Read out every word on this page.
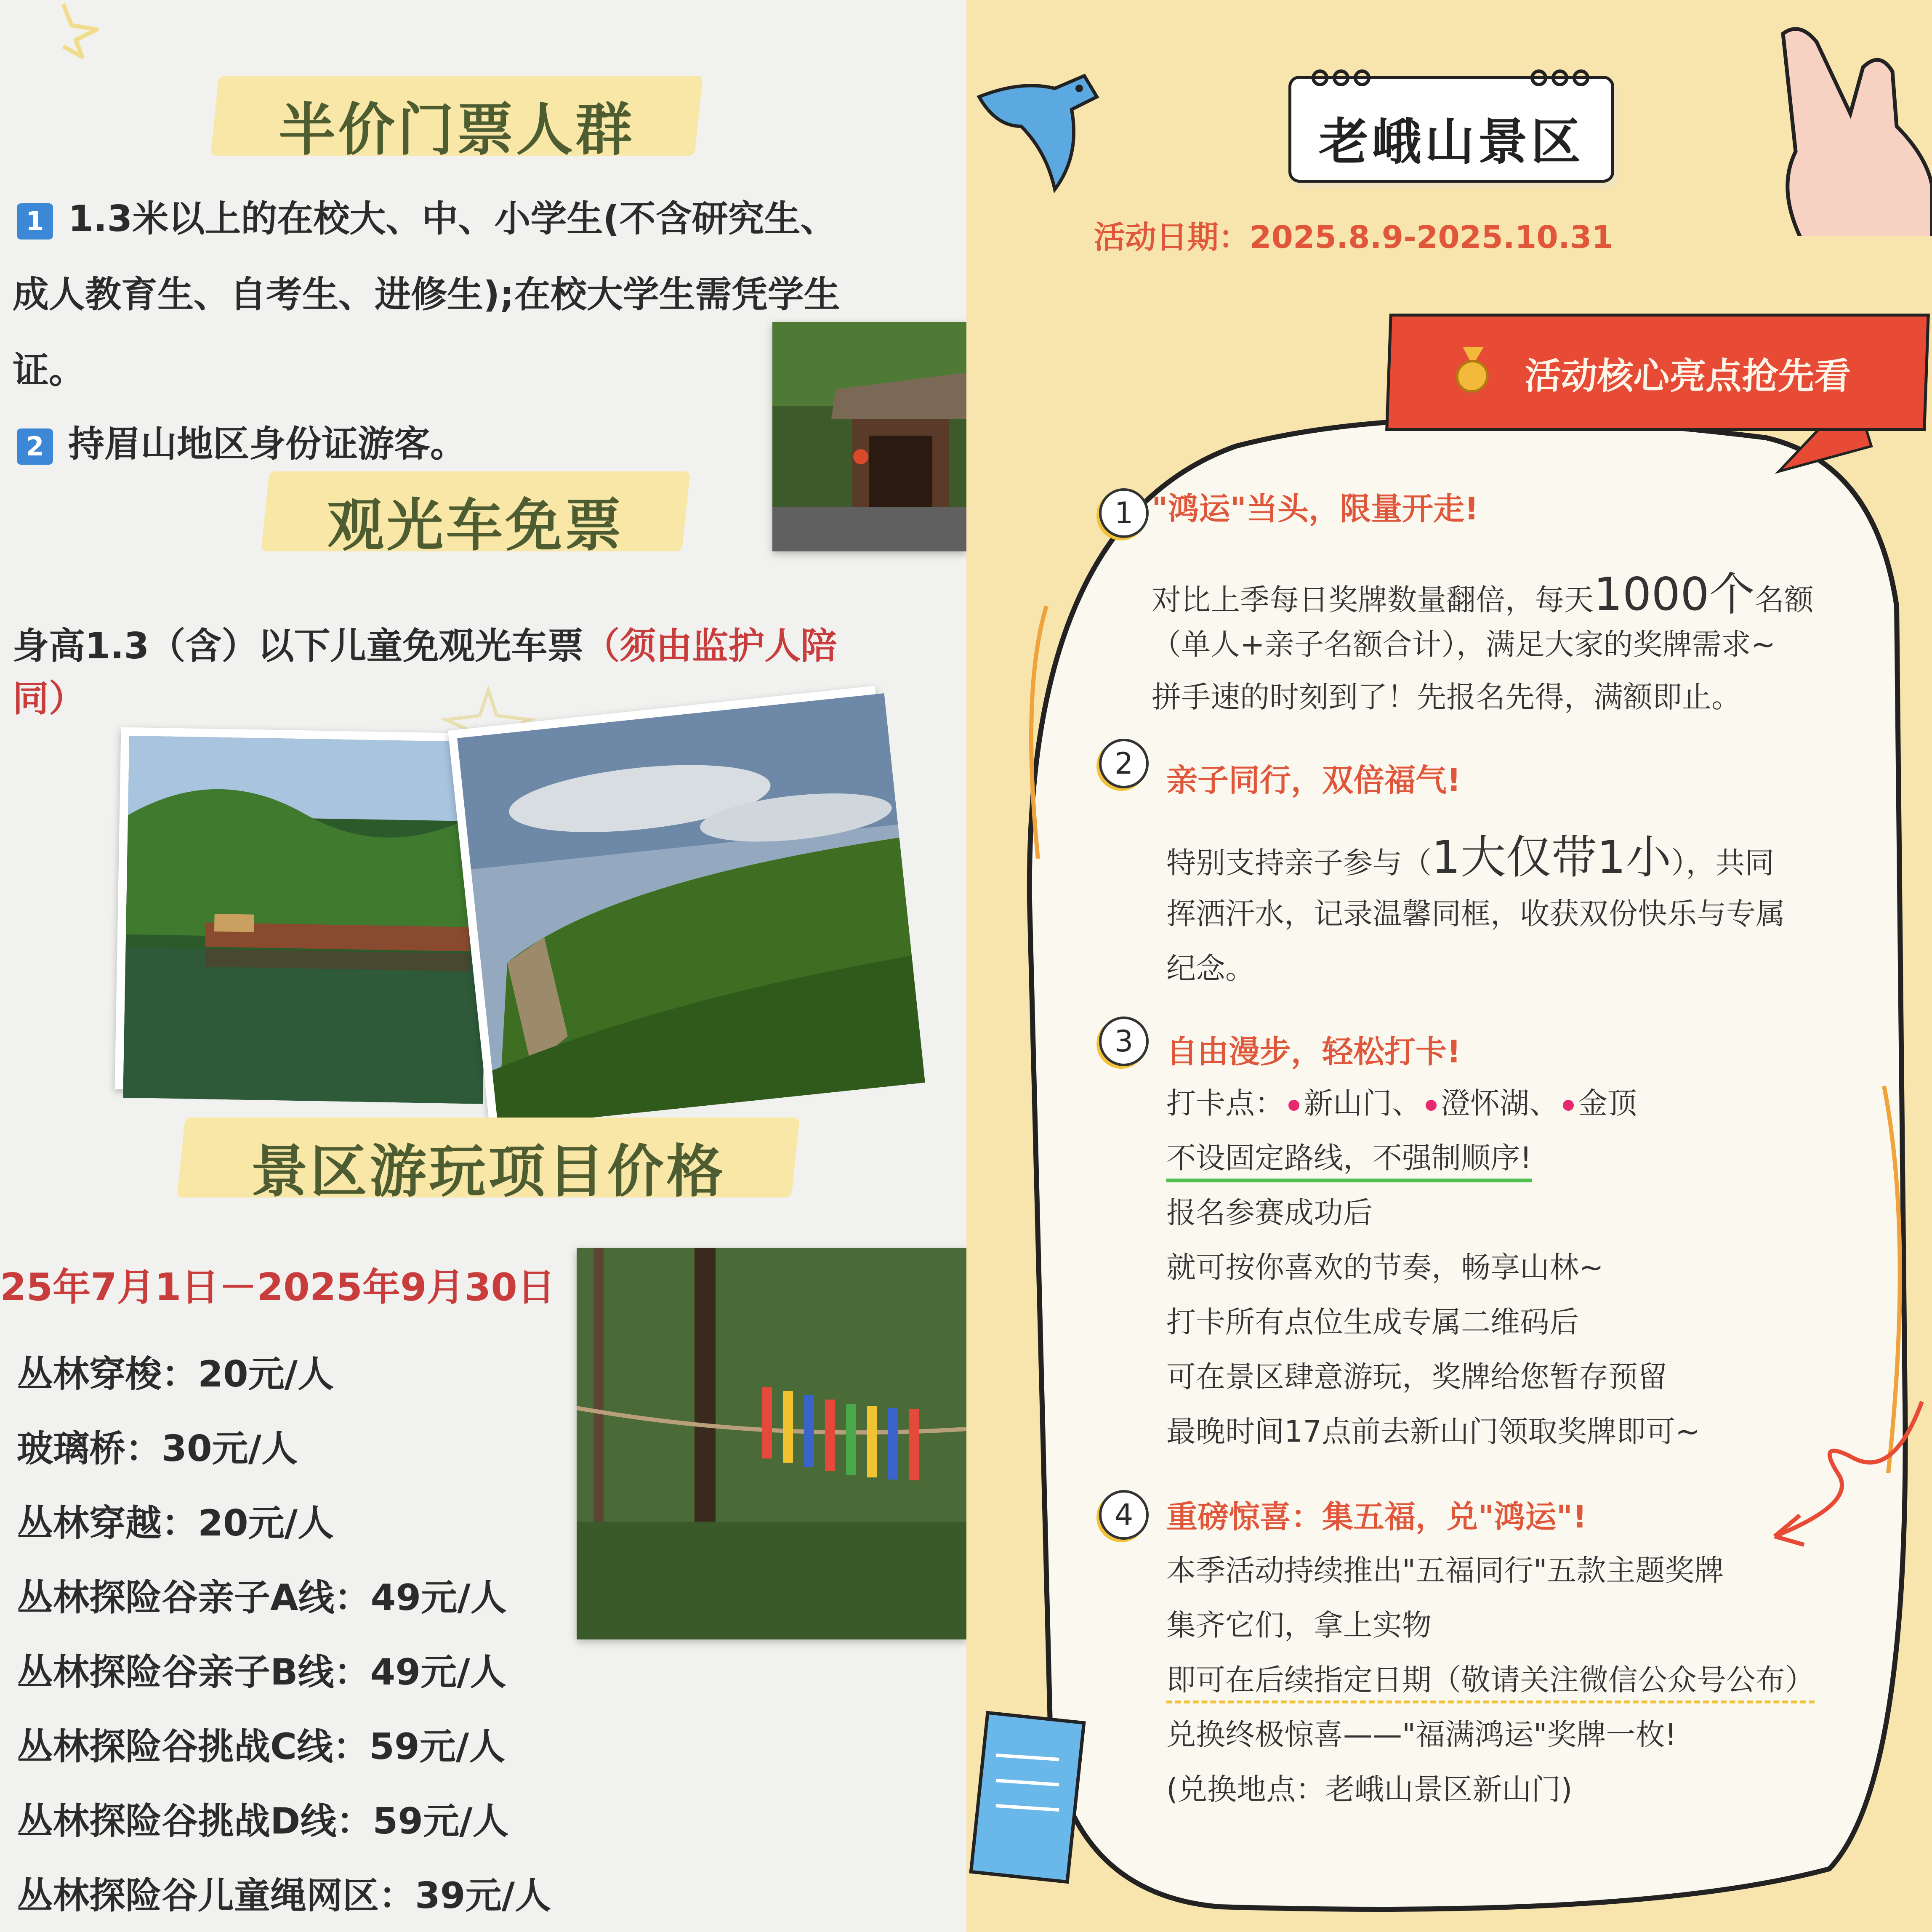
半价门票人群
1 1.3米以上的在校大、中、小学生(不含研究生、
成人教育生、自考生、进修生);在校大学生需凭学生
证。
2 持眉山地区身份证游客。
观光车免票
身高1.3（含）以下儿童免观光车票（须由监护人陪
同）
景区游玩项目价格
25年7月1日－2025年9月30日
丛林穿梭：20元/人
玻璃桥：30元/人
丛林穿越：20元/人
丛林探险谷亲子A线：49元/人
丛林探险谷亲子B线：49元/人
丛林探险谷挑战C线：59元/人
丛林探险谷挑战D线：59元/人
丛林探险谷儿童绳网区：39元/人
老峨山景区
活动日期：2025.8.9-2025.10.31
活动核心亮点抢先看
1 "鸿运"当头，限量开走!
对比上季每日奖牌数量翻倍，每天1000个名额
（单人+亲子名额合计），满足大家的奖牌需求~
拼手速的时刻到了！先报名先得，满额即止。
2	亲子同行，双倍福气!
特别支持亲子参与（1大仅带1小），共同
挥洒汗水，记录温馨同框，收获双份快乐与专属
纪念。
3	自由漫步，轻松打卡!
打卡点： 新山门、 澄怀湖、 金顶
不设固定路线，不强制顺序!
报名参赛成功后
就可按你喜欢的节奏，畅享山林~
打卡所有点位生成专属二维码后
可在景区肆意游玩，奖牌给您暂存预留
最晚时间17点前去新山门领取奖牌即可~
4	重磅惊喜：集五福，兑"鸿运"!
本季活动持续推出"五福同行"五款主题奖牌
集齐它们，拿上实物
即可在后续指定日期（敬请关注微信公众号公布）
兑换终极惊喜——"福满鸿运"奖牌一枚!
(兑换地点：老峨山景区新山门)
